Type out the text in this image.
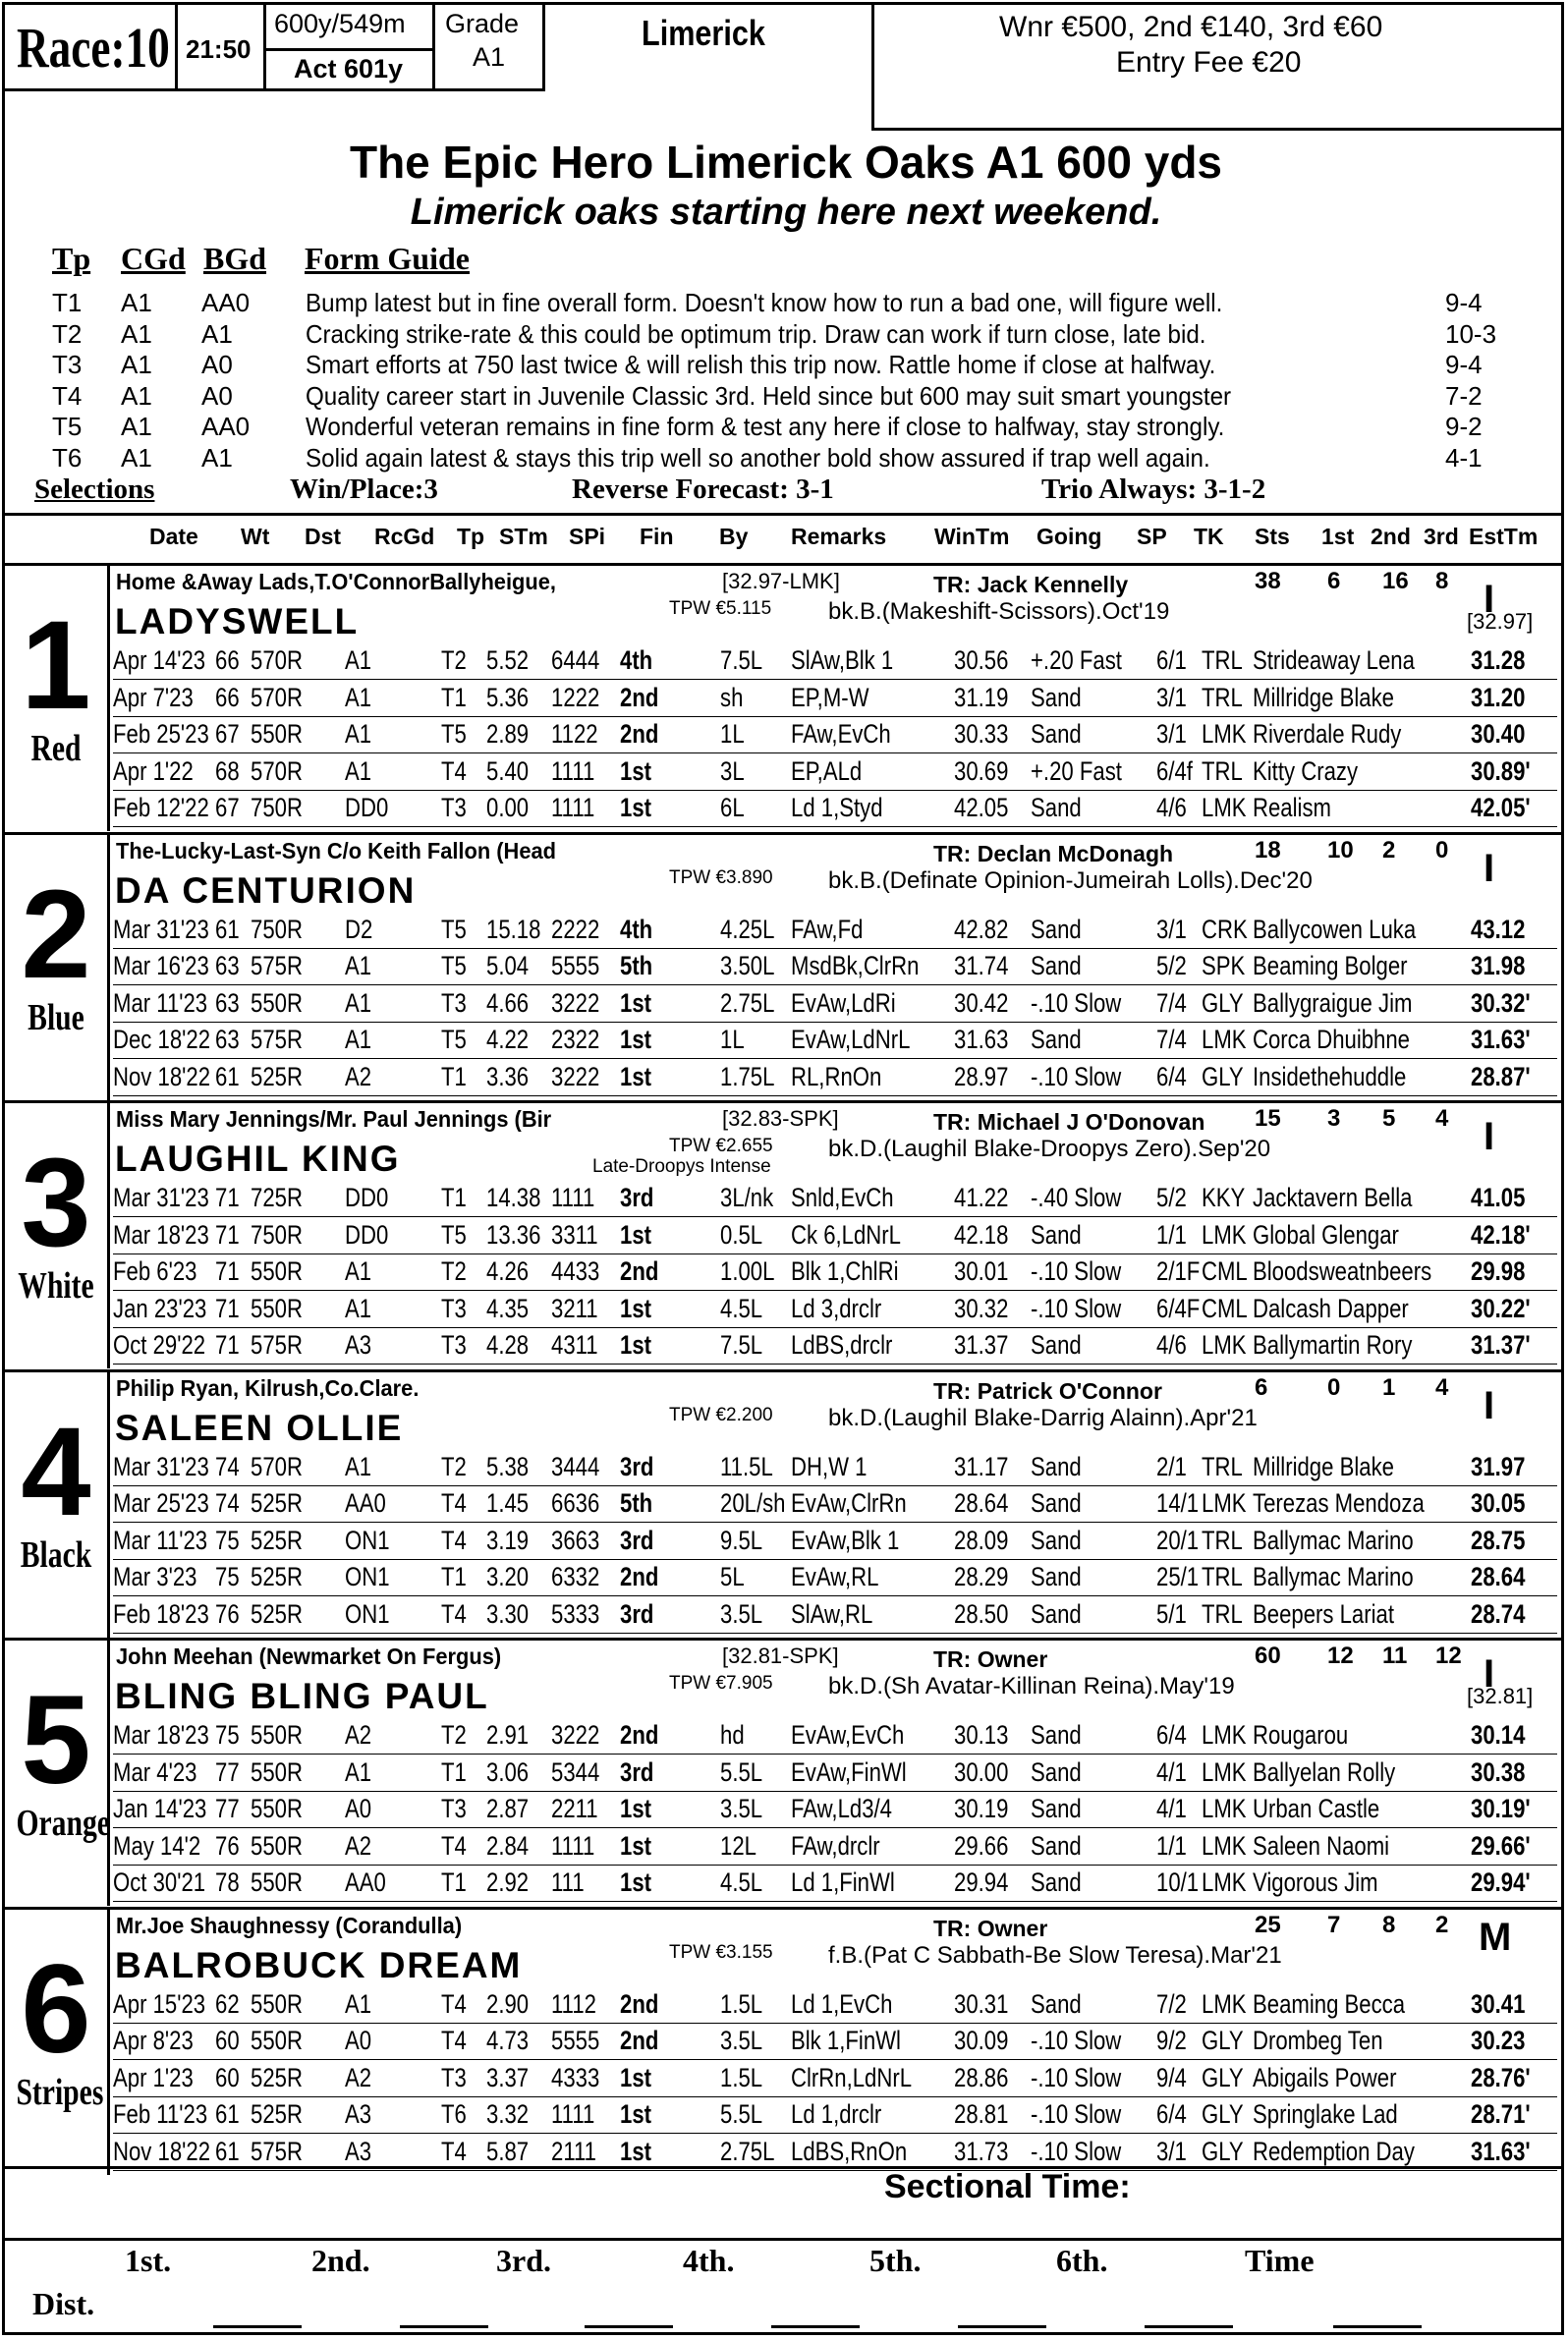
Race:10 21:50
600y/549m
Act 601y
Grade
A1
Limerick	Wnr €500, 2nd €140, 3rd €60
Entry Fee €20
The Epic Hero Limerick Oaks A1 600 yds
Limerick oaks starting here next weekend.
Tp CGd BGd Form Guide
T1 A1 AA0 Bump latest but in fine overall form. Doesn't know how to run a bad one, will figure well.	9-4
T2 A1 A1	Cracking strike-rate & this could be optimum trip. Draw can work if turn close, late bid.	10-3
T3 A1 A0	Smart efforts at 750 last twice & will relish this trip now. Rattle home if close at halfway.	9-4
T4 A1 A0	Quality career start in Juvenile Classic 3rd. Held since but 600 may suit smart youngster	7-2
T5 A1 AA0 Wonderful veteran remains in fine form & test any here if close to halfway, stay strongly.	9-2
T6 A1 A1	Solid again latest & stays this trip well so another bold show assured if trap well again.	4-1
Selections	Win/Place:3	Reverse Forecast: 3-1	Trio Always: 3-1-2
Date Wt Dst RcGd Tp STm SPi Fin By Remarks WinTm Going SP TK Sts 1st 2nd 3rd EstTm
1
Red
Home &Away Lads,T.O'ConnorBallyheigue,	[32.97-LMK]	TR: Jack Kennelly	38 6 16 8 I
LADYSWELL	TPW €5.115 bk.B.(Makeshift-Scissors).Oct'19	[32.97]
Apr 14'23 66 570R A1	T2 5.52 6444 4th	7.5L SlAw,Blk 1 30.56 +.20 Fast 6/1 TRL Strideaway Lena 31.28
Apr 7'23 66 570R A1	T1 5.36 1222 2nd sh EP,M-W	31.19 Sand	3/1 TRL Millridge Blake	31.20
Feb 25'23 67 550R A1	T5 2.89 1122 2nd 1L FAw,EvCh 30.33 Sand	3/1 LMK Riverdale Rudy	30.40
Apr 1'22 68 570R A1	T4 5.40 1111 1st	3L EP,ALd	30.69 +.20 Fast 6/4f TRL Kitty Crazy	30.89'
Feb 12'22 67 750R DD0 T3 0.00 1111 1st	6L Ld 1,Styd	42.05 Sand	4/6 LMK Realism	42.05'
2
Blue
The-Lucky-Last-Syn C/o Keith Fallon (Head	TR: Declan McDonagh	18 10 2 0 I
DA CENTURION	TPW €3.890 bk.B.(Definate Opinion-Jumeirah Lolls).Dec'20
Mar 31'23 61 750R D2	T5 15.18 2222 4th	4.25L FAw,Fd	42.82 Sand	3/1 CRK Ballycowen Luka 43.12
Mar 16'23 63 575R A1	T5 5.04 5555 5th	3.50L MsdBk,ClrRn 31.74 Sand	5/2 SPK Beaming Bolger 31.98
Mar 11'23 63 550R A1	T3 4.66 3222 1st	2.75L EvAw,LdRi 30.42 -.10 Slow 7/4 GLY Ballygraigue Jim 30.32'
Dec 18'22 63 575R A1	T5 4.22 2322 1st	1L EvAw,LdNrL 31.63 Sand	7/4 LMK Corca Dhuibhne 31.63'
Nov 18'22 61 525R A2	T1 3.36 3222 1st	1.75L RL,RnOn	28.97 -.10 Slow 6/4 GLY Insidethehuddle 28.87'
3
White
Miss Mary Jennings/Mr. Paul Jennings (Bir	[32.83-SPK]	TR: Michael J O'Donovan 15 3 5 4 I
LAUGHIL KING	TPW €2.655 bk.D.(Laughil Blake-Droopys Zero).Sep'20
Late-Droopys Intense
Mar 31'23 71 725R DD0 T1 14.38 1111 3rd	3L/nk Snld,EvCh 41.22 -.40 Slow 5/2 KKY Jacktavern Bella 41.05
Mar 18'23 71 750R DD0 T5 13.36 3311 1st	0.5L Ck 6,LdNrL 42.18 Sand	1/1 LMK Global Glengar	42.18'
Feb 6'23 71 550R A1	T2 4.26 4433 2nd 1.00L Blk 1,ChlRi 30.01 -.10 Slow 2/1F CML Bloodsweatnbeers 29.98
Jan 23'23 71 550R A1	T3 4.35 3211 1st	4.5L Ld 3,drclr	30.32 -.10 Slow 6/4F CML Dalcash Dapper 30.22'
Oct 29'22 71 575R A3	T3 4.28 4311 1st	7.5L LdBS,drclr 31.37 Sand	4/6 LMK Ballymartin Rory 31.37'
4
Black
Philip Ryan, Kilrush,Co.Clare.	TR: Patrick O'Connor	6	0 1 4 I
SALEEN OLLIE	TPW €2.200 bk.D.(Laughil Blake-Darrig Alainn).Apr'21
Mar 31'23 74 570R A1	T2 5.38 3444 3rd	11.5L DH,W 1	31.17 Sand	2/1 TRL Millridge Blake	31.97
Mar 25'23 74 525R AA0 T4 1.45 6636 5th	20L/sh EvAw,ClrRn 28.64 Sand	14/1 LMK Terezas Mendoza 30.05
Mar 11'23 75 525R ON1 T4 3.19 3663 3rd	9.5L EvAw,Blk 1 28.09 Sand	20/1 TRL Ballymac Marino 28.75
Mar 3'23 75 525R ON1 T1 3.20 6332 2nd 5L EvAw,RL	28.29 Sand	25/1 TRL Ballymac Marino 28.64
Feb 18'23 76 525R ON1 T4 3.30 5333 3rd	3.5L SlAw,RL	28.50 Sand	5/1 TRL Beepers Lariat	28.74
5
Orange
John Meehan (Newmarket On Fergus)	[32.81-SPK]	TR: Owner	60 12 11 12 I
BLING BLING PAUL	TPW €7.905 bk.D.(Sh Avatar-Killinan Reina).May'19	[32.81]
Mar 18'23 75 550R A2	T2 2.91 3222 2nd hd EvAw,EvCh 30.13 Sand	6/4 LMK Rougarou	30.14
Mar 4'23 77 550R A1	T1 3.06 5344 3rd	5.5L EvAw,FinWl 30.00 Sand	4/1 LMK Ballyelan Rolly	30.38
Jan 14'23 77 550R A0	T3 2.87 2211 1st	3.5L FAw,Ld3/4 30.19 Sand	4/1 LMK Urban Castle	30.19'
May 14'2 76 550R A2	T4 2.84 1111 1st	12L FAw,drclr	29.66 Sand	1/1 LMK Saleen Naomi	29.66'
Oct 30'21 78 550R AA0 T1 2.92 111 1st	4.5L Ld 1,FinWl 29.94 Sand	10/1 LMK Vigorous Jim	29.94'
6
Stripes
Mr.Joe Shaughnessy (Corandulla)	TR: Owner	25 7 8 2 M
BALROBUCK DREAM	TPW €3.155 f.B.(Pat C Sabbath-Be Slow Teresa).Mar'21
Apr 15'23 62 550R A1	T4 2.90 1112 2nd 1.5L Ld 1,EvCh 30.31 Sand	7/2 LMK Beaming Becca 30.41
Apr 8'23 60 550R A0	T4 4.73 5555 2nd 3.5L Blk 1,FinWl 30.09 -.10 Slow 9/2 GLY Drombeg Ten	30.23
Apr 1'23 60 525R A2	T3 3.37 4333 1st	1.5L ClrRn,LdNrL 28.86 -.10 Slow 9/4 GLY Abigails Power	28.76'
Feb 11'23 61 525R A3	T6 3.32 1111 1st	5.5L Ld 1,drclr	28.81 -.10 Slow 6/4 GLY Springlake Lad	28.71'
Nov 18'22 61 575R A3	T4 5.87 2111 1st	2.75L LdBS,RnOn 31.73 -.10 Slow 3/1 GLY Redemption Day 31.63'
Sectional Time:
1st.	2nd.	3rd.	4th.	5th.	6th.	Time
Dist.
